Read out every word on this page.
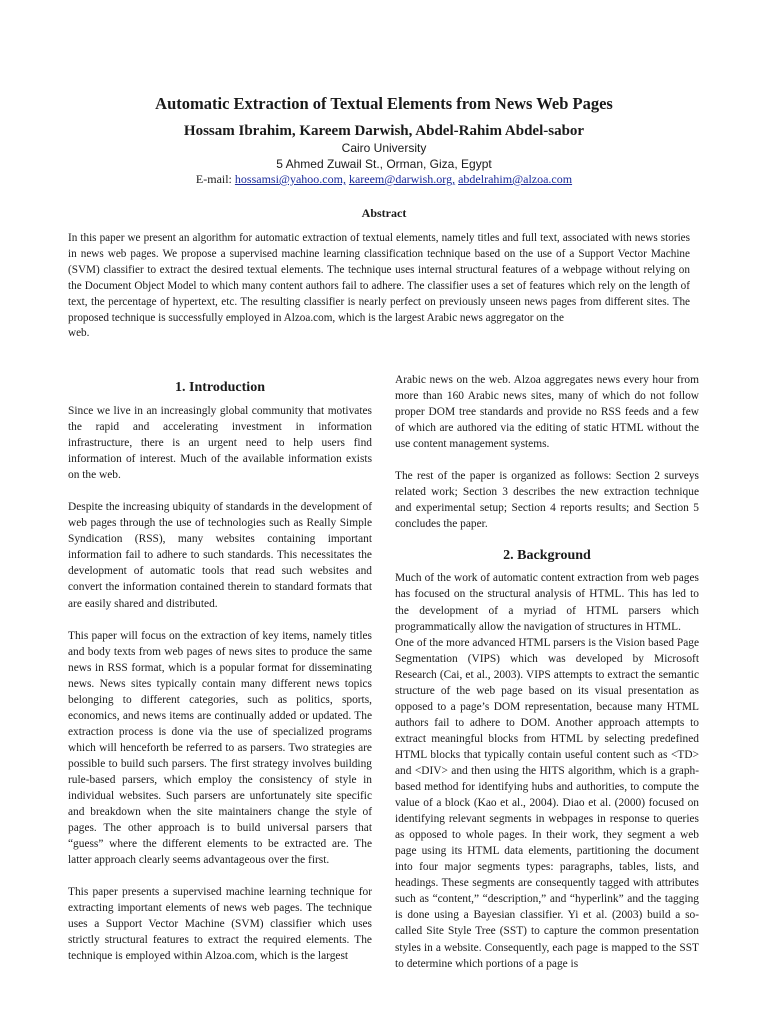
Automatic Extraction of Textual Elements from News Web Pages
Hossam Ibrahim, Kareem Darwish, Abdel-Rahim Abdel-sabor
Cairo University
5 Ahmed Zuwail St., Orman, Giza, Egypt
E-mail: hossamsi@yahoo.com, kareem@darwish.org, abdelrahim@alzoa.com
Abstract
In this paper we present an algorithm for automatic extraction of textual elements, namely titles and full text, associated with news stories in news web pages. We propose a supervised machine learning classification technique based on the use of a Support Vector Machine (SVM) classifier to extract the desired textual elements. The technique uses internal structural features of a webpage without relying on the Document Object Model to which many content authors fail to adhere. The classifier uses a set of features which rely on the length of text, the percentage of hypertext, etc. The resulting classifier is nearly perfect on previously unseen news pages from different sites. The proposed technique is successfully employed in Alzoa.com, which is the largest Arabic news aggregator on the
web.
1. Introduction

Since we live in an increasingly global community that motivates the rapid and accelerating investment in information infrastructure, there is an urgent need to help users find information of interest. Much of the available information exists on the web.

Despite the increasing ubiquity of standards in the development of web pages through the use of technologies such as Really Simple Syndication (RSS), many websites containing important information fail to adhere to such standards. This necessitates the development of automatic tools that read such websites and convert the information contained therein to standard formats that are easily shared and distributed.

This paper will focus on the extraction of key items, namely titles and body texts from web pages of news sites to produce the same news in RSS format, which is a popular format for disseminating news. News sites typically contain many different news topics belonging to different categories, such as politics, sports, economics, and news items are continually added or updated. The extraction process is done via the use of specialized programs which will henceforth be referred to as parsers. Two strategies are possible to build such parsers. The first strategy involves building rule-based parsers, which employ the consistency of style in individual websites. Such parsers are unfortunately site specific and breakdown when the site maintainers change the style of pages. The other approach is to build universal parsers that “guess” where the different elements to be extracted are. The latter approach clearly seems advantageous over the first.

This paper presents a supervised machine learning technique for extracting important elements of news web pages. The technique uses a Support Vector Machine (SVM) classifier which uses strictly structural features to extract the required elements. The technique is employed within Alzoa.com, which is the largest

Arabic news on the web. Alzoa aggregates news every hour from more than 160 Arabic news sites, many of which do not follow proper DOM tree standards and provide no RSS feeds and a few of which are authored via the editing of static HTML without the use content management systems.

The rest of the paper is organized as follows: Section 2 surveys related work; Section 3 describes the new extraction technique and experimental setup; Section 4 reports results; and Section 5 concludes the paper.

2. Background

Much of the work of automatic content extraction from web pages has focused on the structural analysis of HTML. This has led to the development of a myriad of HTML parsers which programmatically allow the navigation of structures in HTML.

One of the more advanced HTML parsers is the Vision based Page Segmentation (VIPS) which was developed by Microsoft Research (Cai, et al., 2003). VIPS attempts to extract the semantic structure of the web page based on its visual presentation as opposed to a page’s DOM representation, because many HTML authors fail to adhere to DOM. Another approach attempts to extract meaningful blocks from HTML by selecting predefined HTML blocks that typically contain useful content such as <TD> and <DIV> and then using the HITS algorithm, which is a graph-based method for identifying hubs and authorities, to compute the value of a block (Kao et al., 2004). Diao et al. (2000) focused on identifying relevant segments in webpages in response to queries as opposed to whole pages. In their work, they segment a web page using its HTML data elements, partitioning the document into four major segments types: paragraphs, tables, lists, and headings. These segments are consequently tagged with attributes such as “content,” “description,” and “hyperlink” and the tagging is done using a Bayesian classifier. Yi et al. (2003) build a so-called Site Style Tree (SST) to capture the common presentation styles in a website. Consequently, each page is mapped to the SST to determine which portions of a page is
